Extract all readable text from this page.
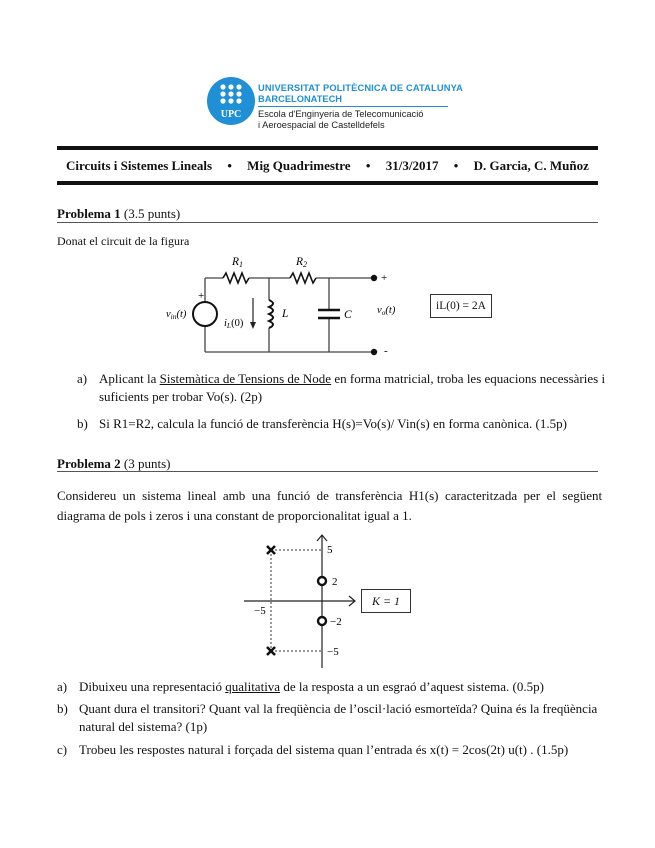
UPC
UNIVERSITAT POLITÈCNICA DE CATALUNYA
BARCELONATECH
Escola d'Enginyeria de Telecomunicació
i Aeroespacial de Castelldefels
Circuits i Sistemes Lineals • Mig Quadrimestre • 31/3/2017 • D. Garcia, C. Muñoz
Problema 1 (3.5 punts)
Donat el circuit de la figura
R1	R2
+
vin(t)
iL(0)
L	C
+
-
vo(t)	iL(0) = 2A
a) Aplicant la Sistemàtica de Tensions de Node en forma matricial, troba les equacions necessàries i
suficients per trobar Vo(s). (2p)
b) Si R1=R2, calcula la funció de transferència H(s)=Vo(s)/ Vin(s) en forma canònica. (1.5p)
Problema 2 (3 punts)
Considereu un sistema lineal amb una funció de transferència H1(s) caracteritzada per el següent
diagrama de pols i zeros i una constant de proporcionalitat igual a 1.
5
2
−2
−5
−5
K = 1
a) Dibuixeu una representació qualitativa de la resposta a un esgraó d’aquest sistema. (0.5p)
b) Quant dura el transitori? Quant val la freqüència de l’oscil·lació esmorteïda? Quina és la freqüència
natural del sistema? (1p)
c) Trobeu les respostes natural i forçada del sistema quan l’entrada és x(t) = 2cos(2t) u(t) . (1.5p)
